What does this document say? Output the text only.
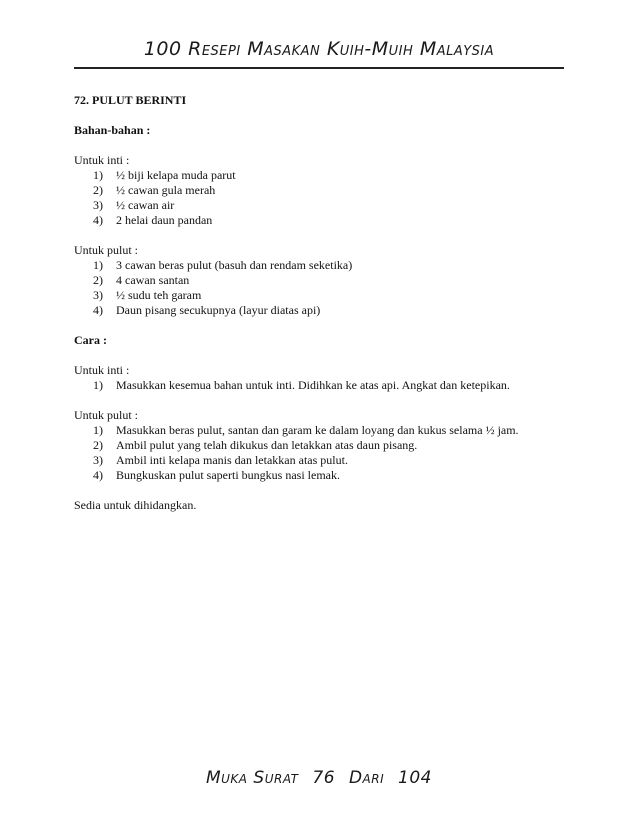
100 Resepi Masakan Kuih-Muih Malaysia

72. PULUT BERINTI

Bahan-bahan :

Untuk inti :

1) ½ biji kelapa muda parut
2) ½ cawan gula merah
3) ½ cawan air
4) 2 helai daun pandan

Untuk pulut :

1) 3 cawan beras pulut (basuh dan rendam seketika)
2) 4 cawan santan
3) ½ sudu teh garam
4) Daun pisang secukupnya (layur diatas api)

Cara :

Untuk inti :

1) Masukkan kesemua bahan untuk inti. Didihkan ke atas api. Angkat dan ketepikan.

Untuk pulut :

1) Masukkan beras pulut, santan dan garam ke dalam loyang dan kukus selama ½ jam.
2) Ambil pulut yang telah dikukus dan letakkan atas daun pisang.
3) Ambil inti kelapa manis dan letakkan atas pulut.
4) Bungkuskan pulut saperti bungkus nasi lemak.

Sedia untuk dihidangkan.

Muka Surat 76 Dari 104
